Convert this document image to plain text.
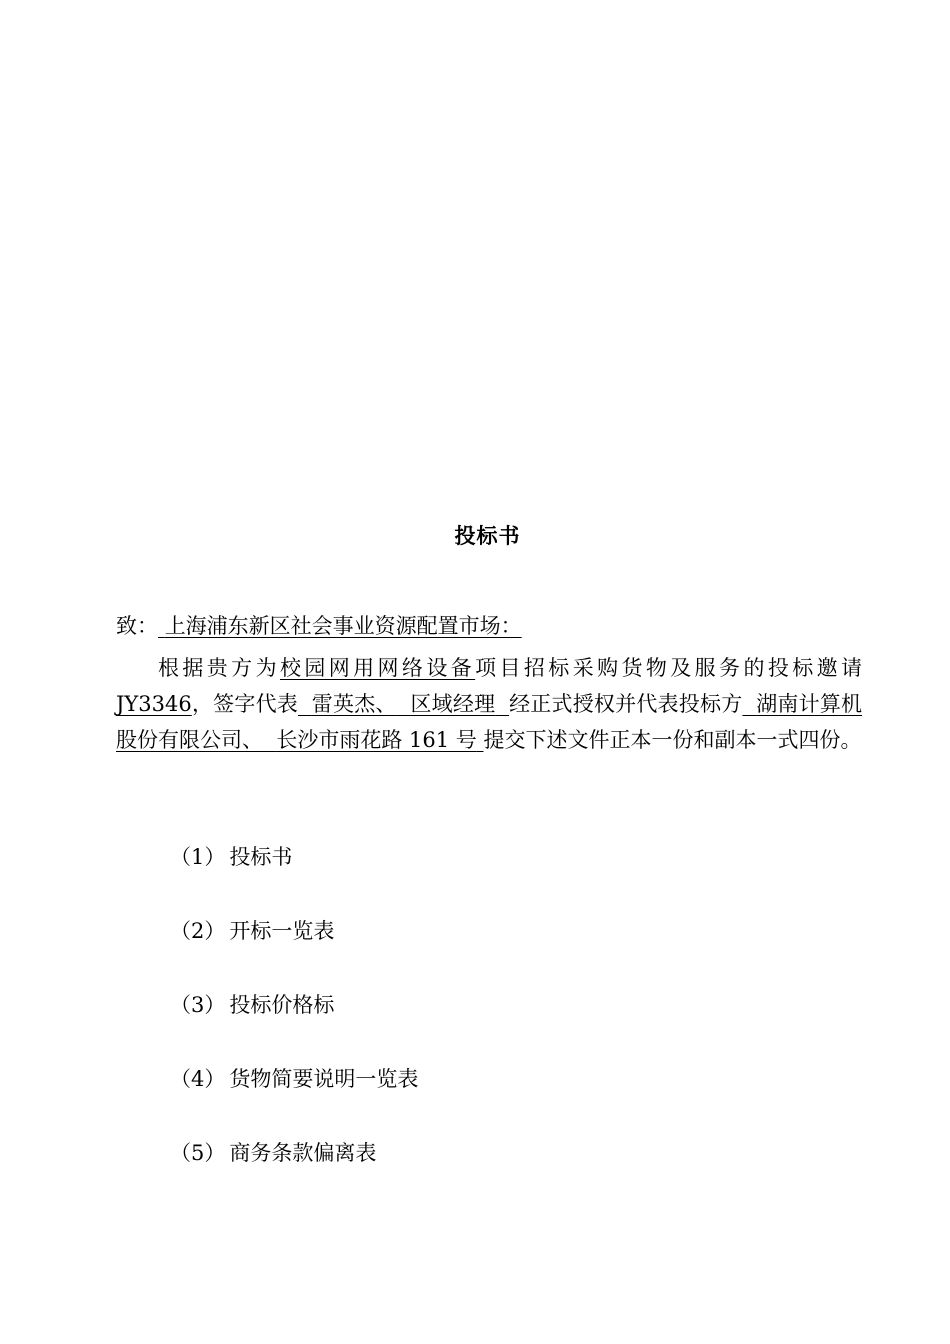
投标书
致： 上海浦东新区社会事业资源配置市场：
根据贵方为校园网用网络设备项目招标采购货物及服务的投标邀请JY3346，签字代表 雷英杰、 区域经理 经正式授权并代表投标方 湖南计算机股份有限公司、 长沙市雨花路 161 号 提交下述文件正本一份和副本一式四份。
（1） 投标书
（2） 开标一览表
（3） 投标价格标
（4） 货物简要说明一览表
（5） 商务条款偏离表
